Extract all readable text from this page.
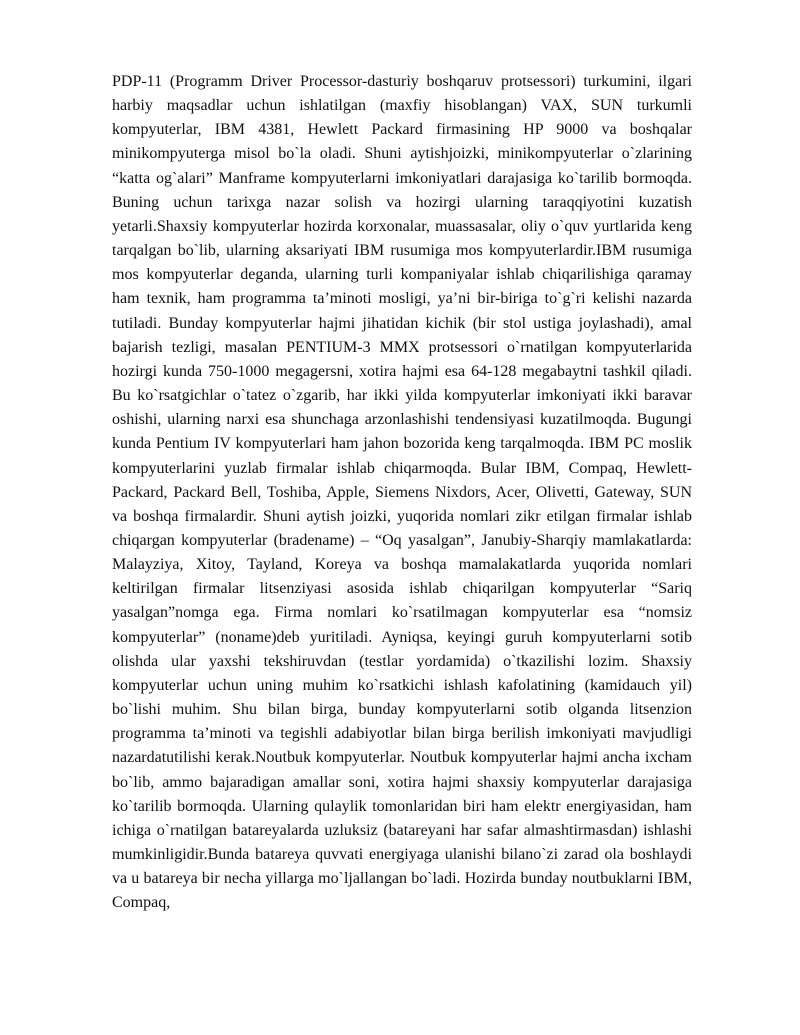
PDP-11 (Programm Driver Processor-dasturiy boshqaruv protsessori) turkumini, ilgari harbiy maqsadlar uchun ishlatilgan (maxfiy hisoblangan) VAX, SUN turkumli kompyuterlar, IBM 4381, Hewlett Packard firmasining HP 9000 va boshqalar minikompyuterga misol bo`la oladi. Shuni aytishjoizki, minikompyuterlar o`zlarining “katta og`alari” Manframe kompyuterlarni imkoniyatlari darajasiga ko`tarilib bormoqda. Buning uchun tarixga nazar solish va hozirgi ularning taraqqiyotini kuzatish yetarli.Shaxsiy kompyuterlar hozirda korxonalar, muassasalar, oliy o`quv yurtlarida keng tarqalgan bo`lib, ularning aksariyati IBM rusumiga mos kompyuterlardir.IBM rusumiga mos kompyuterlar deganda, ularning turli kompaniyalar ishlab chiqarilishiga qaramay ham texnik, ham programma ta’minoti mosligi, ya’ni bir-biriga to`g`ri kelishi nazarda tutiladi. Bunday kompyuterlar hajmi jihatidan kichik (bir stol ustiga joylashadi), amal bajarish tezligi, masalan PENTIUM-3 MMX protsessori o`rnatilgan kompyuterlarida hozirgi kunda 750-1000 megagersni, xotira hajmi esa 64-128 megabaytni tashkil qiladi. Bu ko`rsatgichlar o`tatez o`zgarib, har ikki yilda kompyuterlar imkoniyati ikki baravar oshishi, ularning narxi esa shunchaga arzonlashishi tendensiyasi kuzatilmoqda. Bugungi kunda Pentium IV kompyuterlari ham jahon bozorida keng tarqalmoqda. IBM PC moslik kompyuterlarini yuzlab firmalar ishlab chiqarmoqda. Bular IBM, Compaq, Hewlett-Packard, Packard Bell, Toshiba, Apple, Siemens Nixdors, Acer, Olivetti, Gateway, SUN va boshqa firmalardir. Shuni aytish joizki, yuqorida nomlari zikr etilgan firmalar ishlab chiqargan kompyuterlar (bradename) – “Oq yasalgan”, Janubiy-Sharqiy mamlakatlarda: Malayziya, Xitoy, Tayland, Koreya va boshqa mamalakatlarda yuqorida nomlari keltirilgan firmalar litsenziyasi asosida ishlab chiqarilgan kompyuterlar “Sariq yasalgan”nomga ega. Firma nomlari ko`rsatilmagan kompyuterlar esa “nomsiz kompyuterlar” (noname)deb yuritiladi. Ayniqsa, keyingi guruh kompyuterlarni sotib olishda ular yaxshi tekshiruvdan (testlar yordamida) o`tkazilishi lozim. Shaxsiy kompyuterlar uchun uning muhim ko`rsatkichi ishlash kafolatining (kamidauch yil) bo`lishi muhim. Shu bilan birga, bunday kompyuterlarni sotib olganda litsenzion programma ta’minoti va tegishli adabiyotlar bilan birga berilish imkoniyati mavjudligi nazardatutilishi kerak.Noutbuk kompyuterlar. Noutbuk kompyuterlar hajmi ancha ixcham bo`lib, ammo bajaradigan amallar soni, xotira hajmi shaxsiy kompyuterlar darajasiga ko`tarilib bormoqda. Ularning qulaylik tomonlaridan biri ham elektr energiyasidan, ham ichiga o`rnatilgan batareyalarda uzluksiz (batareyani har safar almashtirmasdan) ishlashi mumkinligidir.Bunda batareya quvvati energiyaga ulanishi bilano`zi zarad ola boshlaydi va u batareya bir necha yillarga mo`ljallangan bo`ladi. Hozirda bunday noutbuklarni IBM, Compaq,
